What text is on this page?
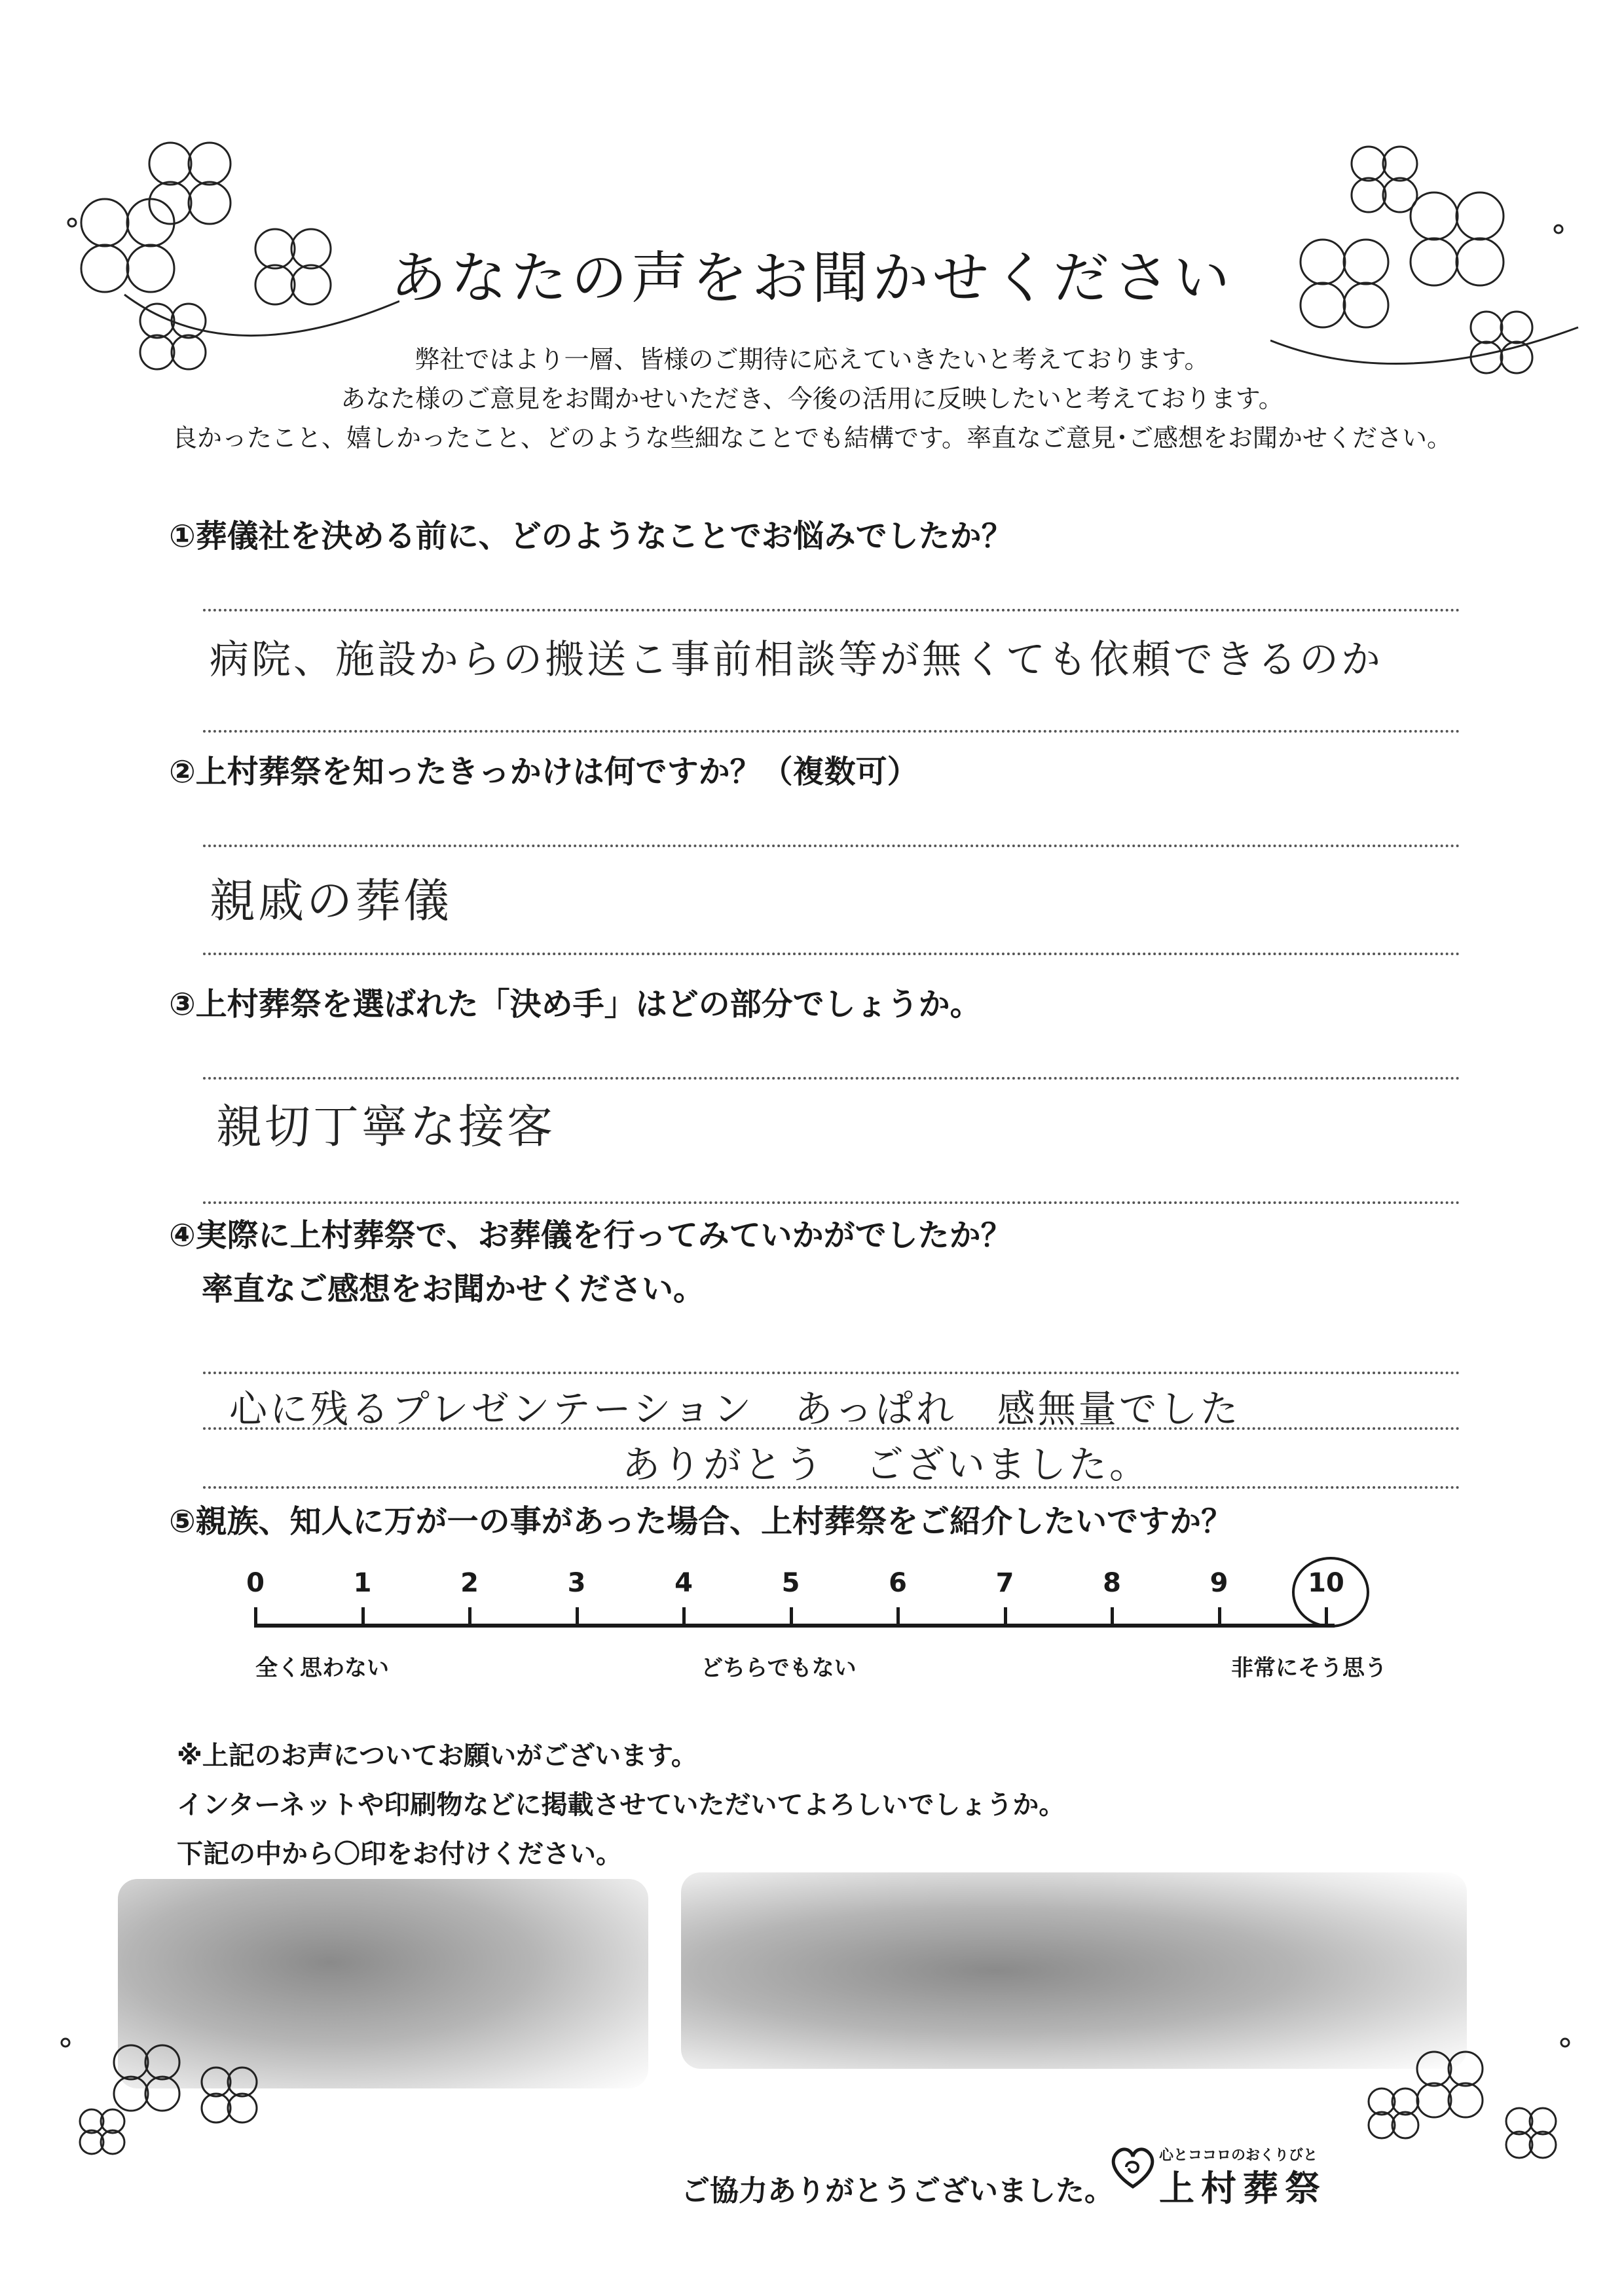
あなたの声をお聞かせください
弊社ではより一層、皆様のご期待に応えていきたいと考えております。
あなた様のご意見をお聞かせいただき、今後の活用に反映したいと考えております。
良かったこと、嬉しかったこと、どのような些細なことでも結構です。率直なご意見･ご感想をお聞かせください。
①葬儀社を決める前に、どのようなことでお悩みでしたか？
病院、施設からの搬送こ事前相談等が無くても依頼できるのか
②上村葬祭を知ったきっかけは何ですか？（複数可）
親戚の葬儀
③上村葬祭を選ばれた「決め手」はどの部分でしょうか。
親切丁寧な接客
④実際に上村葬祭で、お葬儀を行ってみていかがでしたか？
率直なご感想をお聞かせください。
心に残るプレゼンテーション　あっぱれ　感無量でした
ありがとう　ございました。
⑤親族、知人に万が一の事があった場合、上村葬祭をご紹介したいですか？
0	1	2	3	4	5	6	7	8	9	10
全く思わない	どちらでもない	非常にそう思う
※上記のお声についてお願いがございます。
インターネットや印刷物などに掲載させていただいてよろしいでしょうか。
下記の中から〇印をお付けください。
ご協力ありがとうございました。
心とココロのおくりびと
上村葬祭
